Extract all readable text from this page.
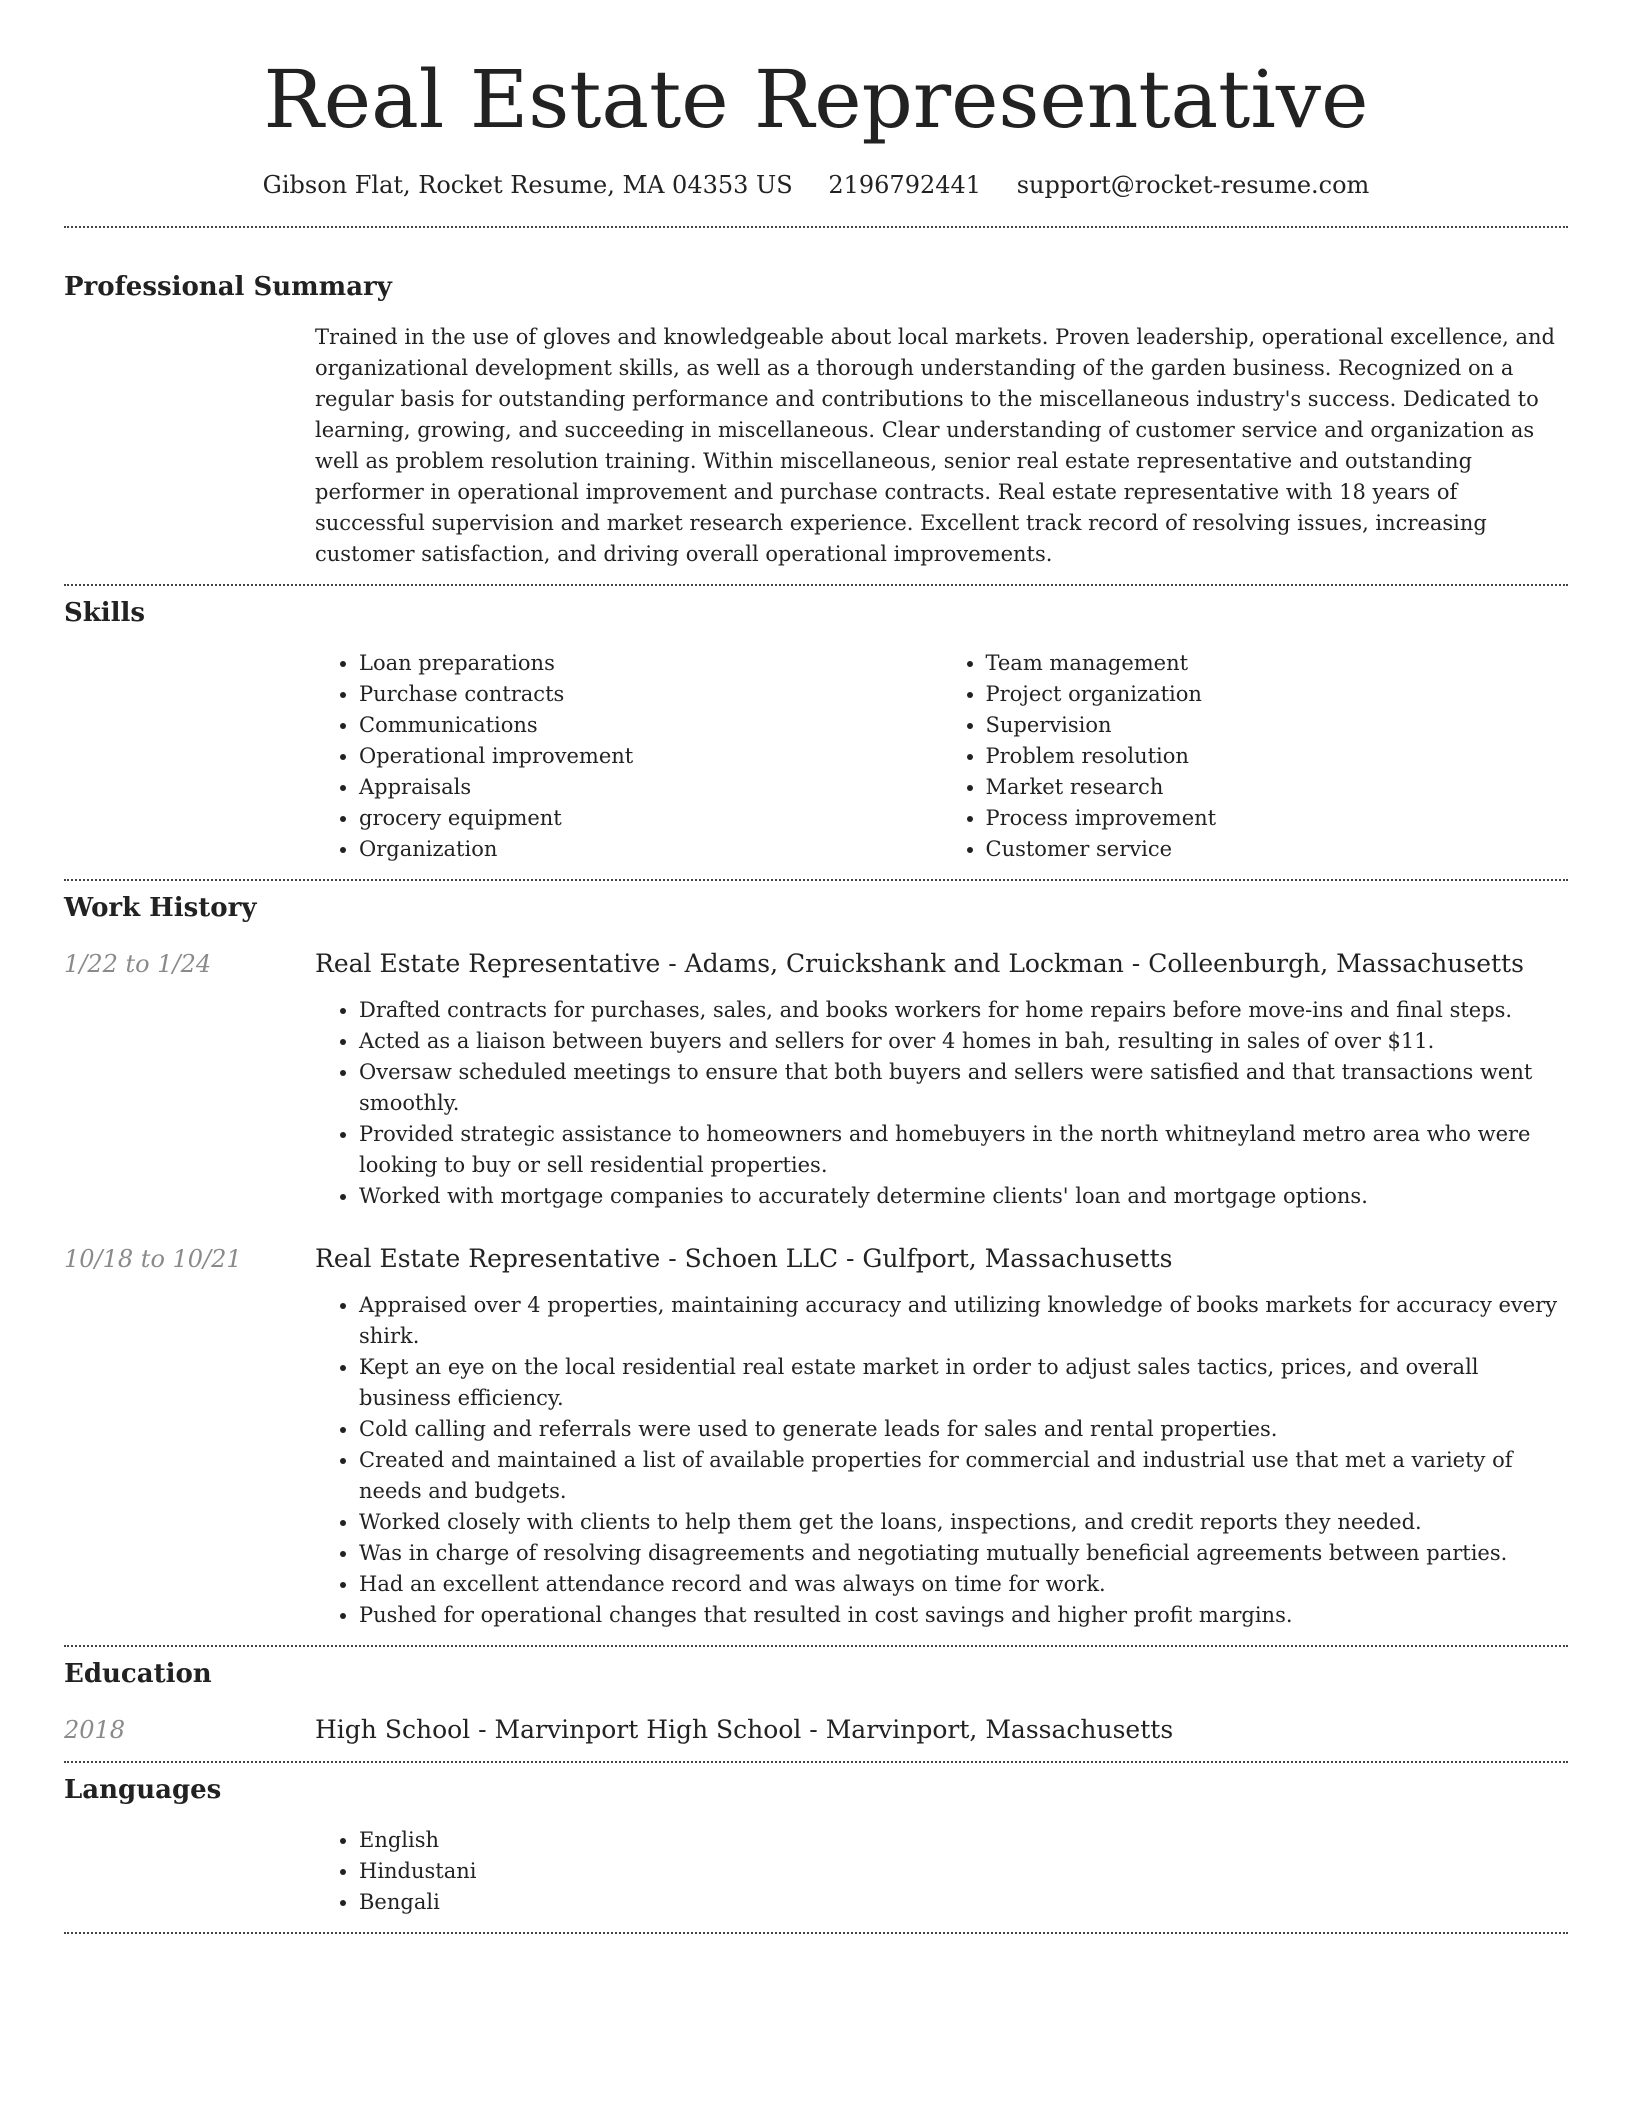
Real Estate Representative
Gibson Flat, Rocket Resume, MA 04353 US 2196792441 support@rocket-resume.com
Professional Summary

Trained in the use of gloves and knowledgeable about local markets. Proven leadership, operational excellence, and organizational development skills, as well as a thorough understanding of the garden business. Recognized on a regular basis for outstanding performance and contributions to the miscellaneous industry's success. Dedicated to learning, growing, and succeeding in miscellaneous. Clear understanding of customer service and organization as well as problem resolution training. Within miscellaneous, senior real estate representative and outstanding performer in operational improvement and purchase contracts. Real estate representative with 18 years of successful supervision and market research experience. Excellent track record of resolving issues, increasing customer satisfaction, and driving overall operational improvements.

Skills
• Loan preparations
• Purchase contracts
• Communications
• Operational improvement
• Appraisals
• grocery equipment
• Organization
• Team management
• Project organization
• Supervision
• Problem resolution
• Market research
• Process improvement
• Customer service
Work History
1/22 to 1/24	Real Estate Representative - Adams, Cruickshank and Lockman - Colleenburgh, Massachusetts
• Drafted contracts for purchases, sales, and books workers for home repairs before move-ins and final steps.
• Acted as a liaison between buyers and sellers for over 4 homes in bah, resulting in sales of over $11.
• Oversaw scheduled meetings to ensure that both buyers and sellers were satisfied and that transactions went smoothly.
• Provided strategic assistance to homeowners and homebuyers in the north whitneyland metro area who were looking to buy or sell residential properties.
• Worked with mortgage companies to accurately determine clients' loan and mortgage options.
10/18 to 10/21	Real Estate Representative - Schoen LLC - Gulfport, Massachusetts
• Appraised over 4 properties, maintaining accuracy and utilizing knowledge of books markets for accuracy every shirk.
• Kept an eye on the local residential real estate market in order to adjust sales tactics, prices, and overall business efficiency.
• Cold calling and referrals were used to generate leads for sales and rental properties.
• Created and maintained a list of available properties for commercial and industrial use that met a variety of needs and budgets.
• Worked closely with clients to help them get the loans, inspections, and credit reports they needed.
• Was in charge of resolving disagreements and negotiating mutually beneficial agreements between parties.
• Had an excellent attendance record and was always on time for work.
• Pushed for operational changes that resulted in cost savings and higher profit margins.
Education
2018	High School - Marvinport High School - Marvinport, Massachusetts
Languages
• English
• Hindustani
• Bengali
